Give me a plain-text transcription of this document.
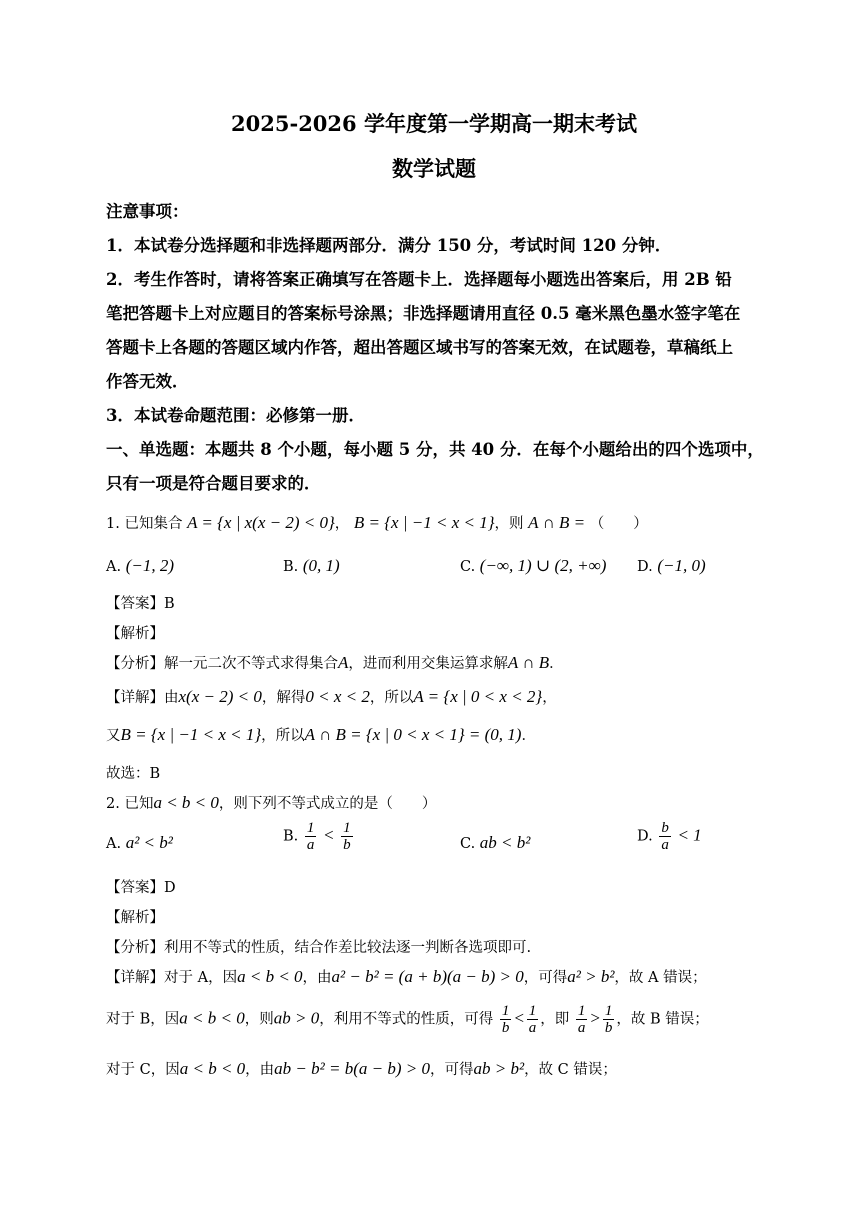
2025-2026 学年度第一学期高一期末考试
数学试题
注意事项：
1．本试卷分选择题和非选择题两部分．满分 150 分，考试时间 120 分钟．
2．考生作答时，请将答案正确填写在答题卡上．选择题每小题选出答案后，用 2B 铅
笔把答题卡上对应题目的答案标号涂黑；非选择题请用直径 0.5 毫米黑色墨水签字笔在
答题卡上各题的答题区域内作答，超出答题区域书写的答案无效，在试题卷，草稿纸上
作答无效．
3．本试卷命题范围：必修第一册．
一、单选题：本题共 8 个小题，每小题 5 分，共 40 分．在每个小题给出的四个选项中，
只有一项是符合题目要求的．
1. 已知集合 A = {x | x(x − 2) < 0}， B = {x | −1 < x < 1}，则 A ∩ B = （　　）
A. (−1, 2)	B. (0, 1)	C. (−∞, 1) ∪ (2, +∞) D. (−1, 0)
【答案】B
【解析】
【分析】解一元二次不等式求得集合A，进而利用交集运算求解A ∩ B．
【详解】由x(x − 2) < 0，解得0 < x < 2，所以A = {x | 0 < x < 2}，
又B = {x | −1 < x < 1}，所以A ∩ B = {x | 0 < x < 1} = (0, 1)．
故选：B
2. 已知a < b < 0，则下列不等式成立的是（　　）
A. a² < b²	B. $\frac{1}{a} < \frac{1}{b}$	C. ab < b²	D. $\frac{b}{a} < 1$
【答案】D
【解析】
【分析】利用不等式的性质，结合作差比较法逐一判断各选项即可.
【详解】对于 A，因a < b < 0，由a² − b² = (a + b)(a − b) > 0，可得a² > b²，故 A 错误；
对于 B，因a < b < 0，则ab > 0，利用不等式的性质，可得 $\frac{1}{b} < \frac{1}{a}$ ，即 $\frac{1}{a} > \frac{1}{b}$ ，故 B 错误；
对于 C，因a < b < 0，由ab − b² = b(a − b) > 0，可得ab > b²，故 C 错误；
